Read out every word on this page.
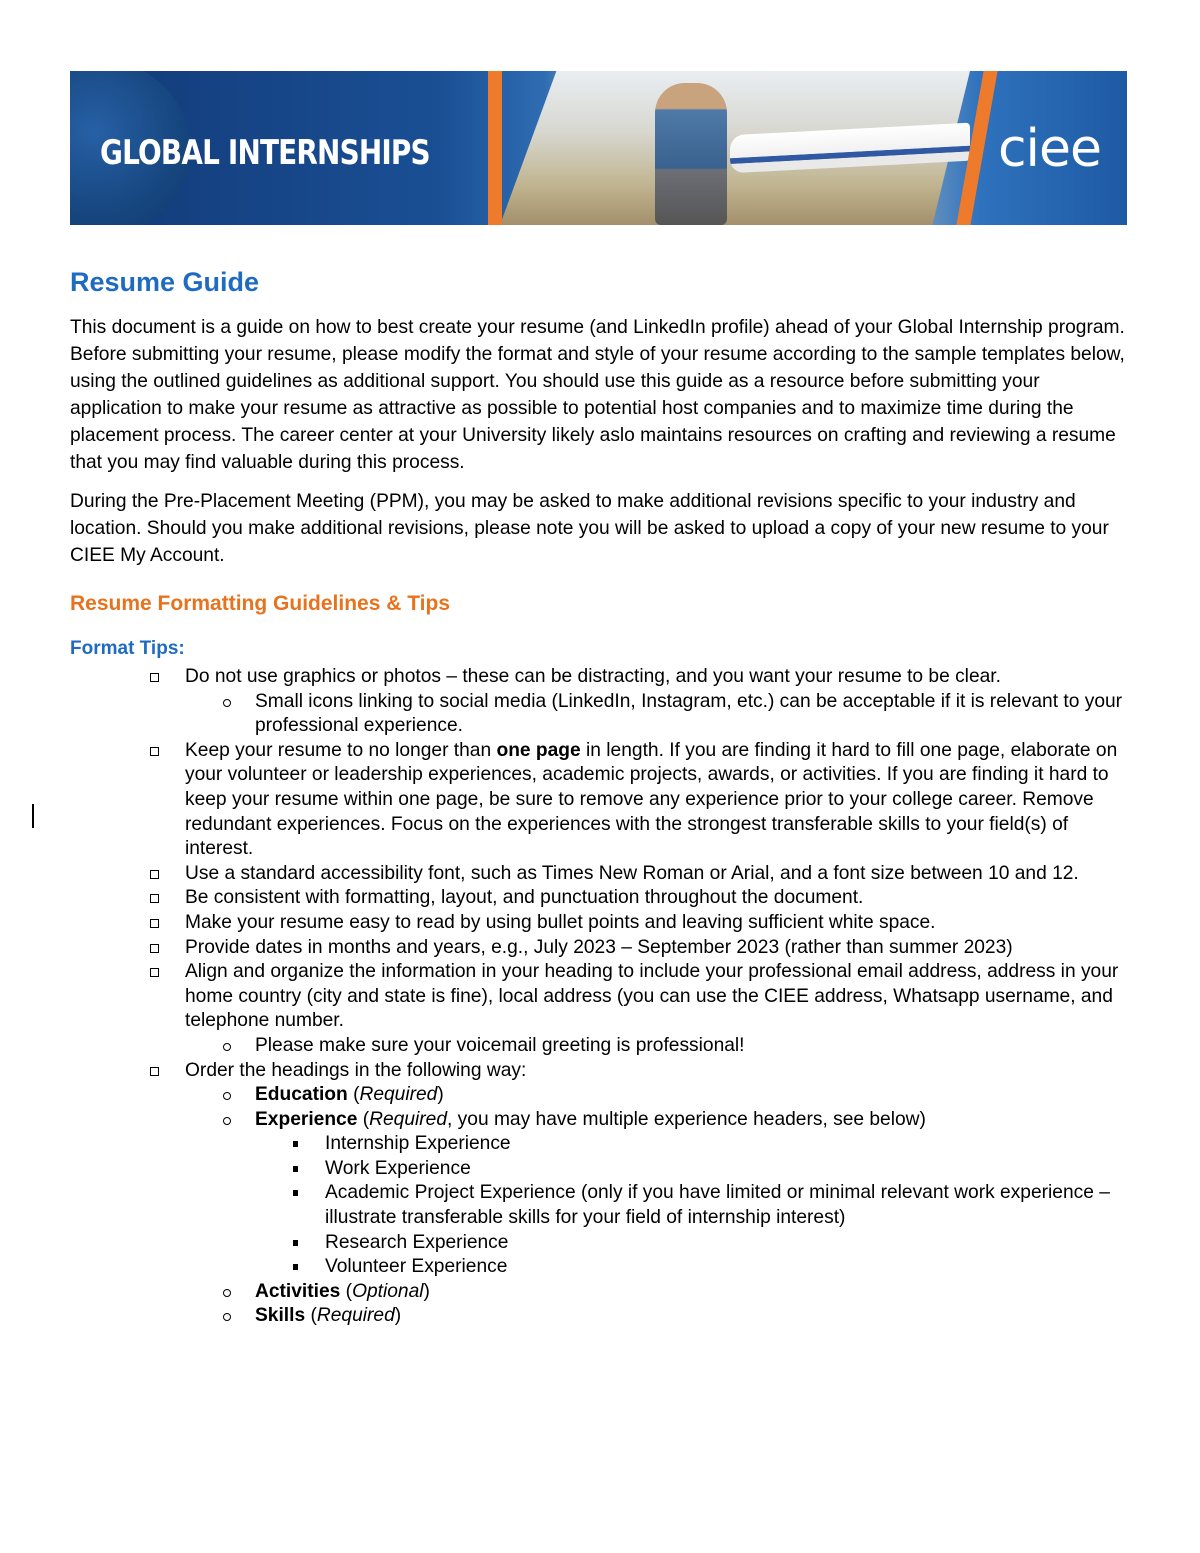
GLOBAL INTERNSHIPS	ciee
Resume Guide

This document is a guide on how to best create your resume (and LinkedIn profile) ahead of your Global Internship program. Before submitting your resume, please modify the format and style of your resume according to the sample templates below, using the outlined guidelines as additional support. You should use this guide as a resource before submitting your application to make your resume as attractive as possible to potential host companies and to maximize time during the placement process. The career center at your University likely aslo maintains resources on crafting and reviewing a resume that you may find valuable during this process.

During the Pre-Placement Meeting (PPM), you may be asked to make additional revisions specific to your industry and location. Should you make additional revisions, please note you will be asked to upload a copy of your new resume to your CIEE My Account.

Resume Formatting Guidelines & Tips
Format Tips:
Do not use graphics or photos – these can be distracting, and you want your resume to be clear.
Small icons linking to social media (LinkedIn, Instagram, etc.) can be acceptable if it is relevant to your professional experience.
Keep your resume to no longer than one page in length. If you are finding it hard to fill one page, elaborate on your volunteer or leadership experiences, academic projects, awards, or activities. If you are finding it hard to keep your resume within one page, be sure to remove any experience prior to your college career. Remove redundant experiences. Focus on the experiences with the strongest transferable skills to your field(s) of interest.
Use a standard accessibility font, such as Times New Roman or Arial, and a font size between 10 and 12.
Be consistent with formatting, layout, and punctuation throughout the document.
Make your resume easy to read by using bullet points and leaving sufficient white space.
Provide dates in months and years, e.g., July 2023 – September 2023 (rather than summer 2023)
Align and organize the information in your heading to include your professional email address, address in your home country (city and state is fine), local address (you can use the CIEE address, Whatsapp username, and telephone number.
Please make sure your voicemail greeting is professional!
Order the headings in the following way:
Education (Required)
Experience (Required, you may have multiple experience headers, see below)
Internship Experience
Work Experience
Academic Project Experience (only if you have limited or minimal relevant work experience – illustrate transferable skills for your field of internship interest)
Research Experience
Volunteer Experience
Activities (Optional)
Skills (Required)
